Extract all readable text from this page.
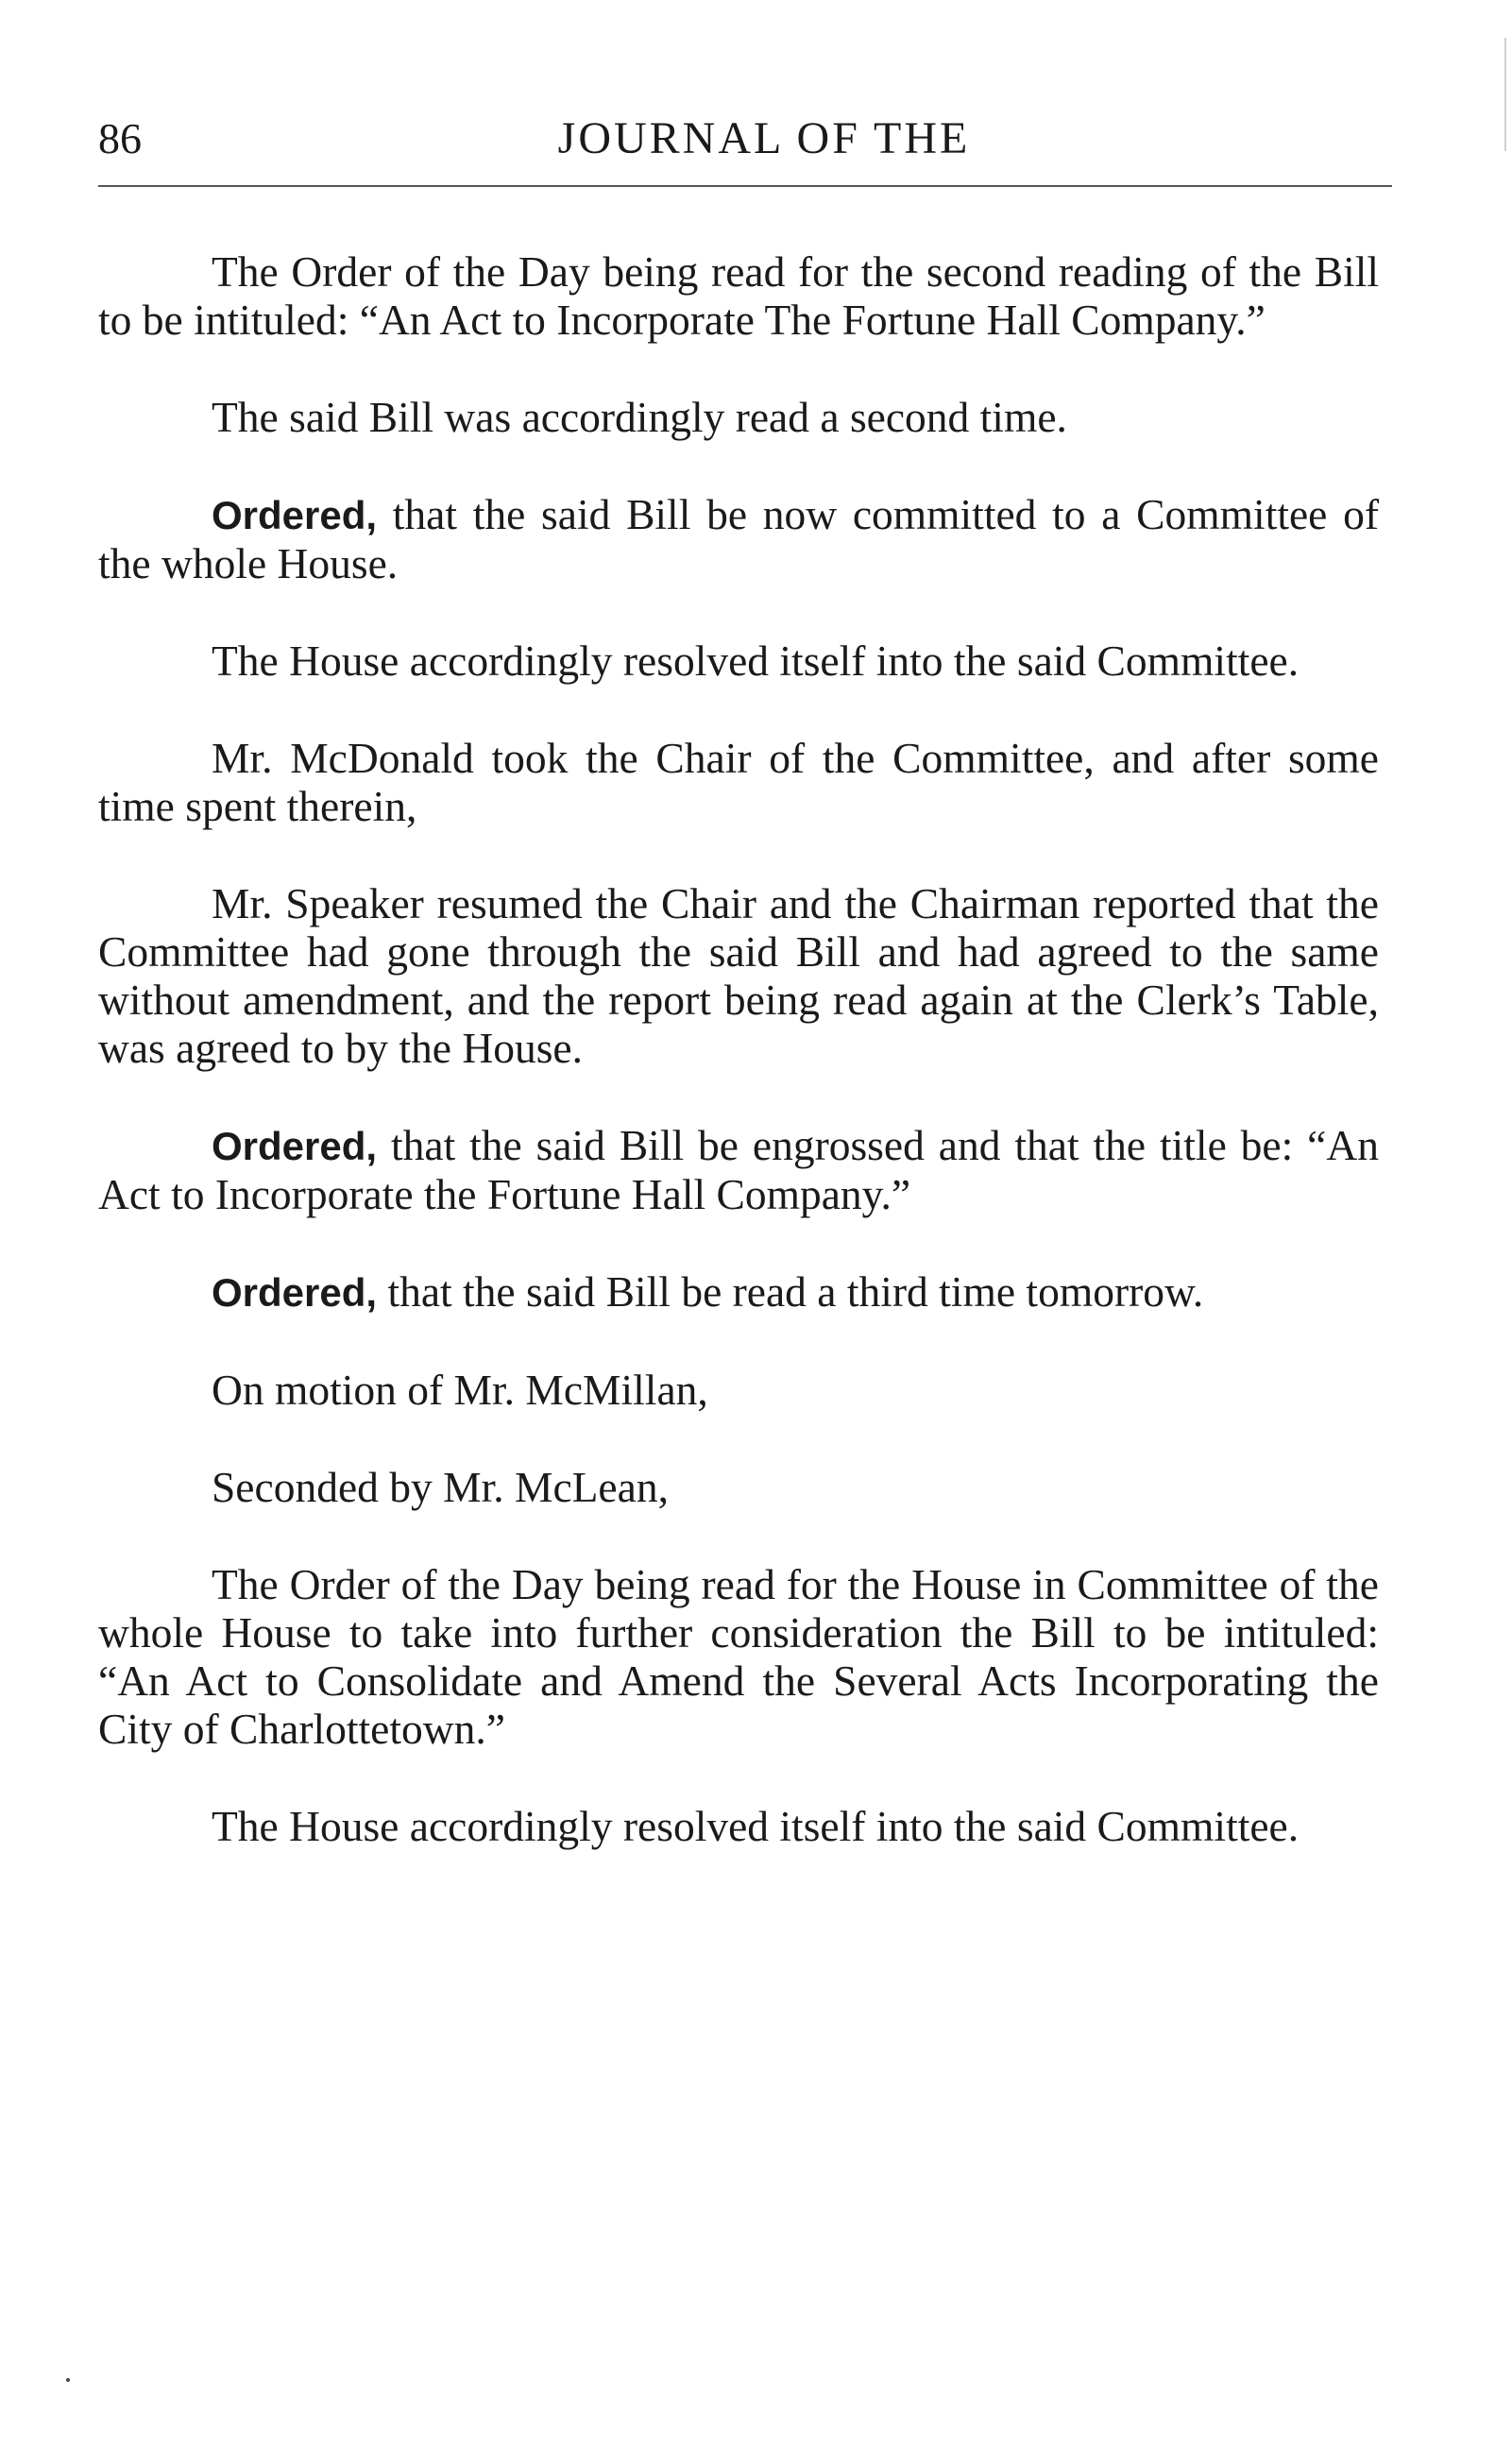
86	JOURNAL OF THE

The Order of the Day being read for the second reading of the Bill to be intituled: “An Act to Incorporate The Fortune Hall Company.”

The said Bill was accordingly read a second time.

Ordered, that the said Bill be now committed to a Committee of the whole House.

The House accordingly resolved itself into the said Committee.

Mr. McDonald took the Chair of the Committee, and after some time spent therein,

Mr. Speaker resumed the Chair and the Chairman reported that the Committee had gone through the said Bill and had agreed to the same without amendment, and the report being read again at the Clerk’s Table, was agreed to by the House.

Ordered, that the said Bill be engrossed and that the title be: “An Act to Incorporate the Fortune Hall Company.”

Ordered, that the said Bill be read a third time tomorrow.

On motion of Mr. McMillan,

Seconded by Mr. McLean,

The Order of the Day being read for the House in Committee of the whole House to take into further consideration the Bill to be intituled: “An Act to Consolidate and Amend the Several Acts Incorporating the City of Charlottetown.”

The House accordingly resolved itself into the said Committee.
